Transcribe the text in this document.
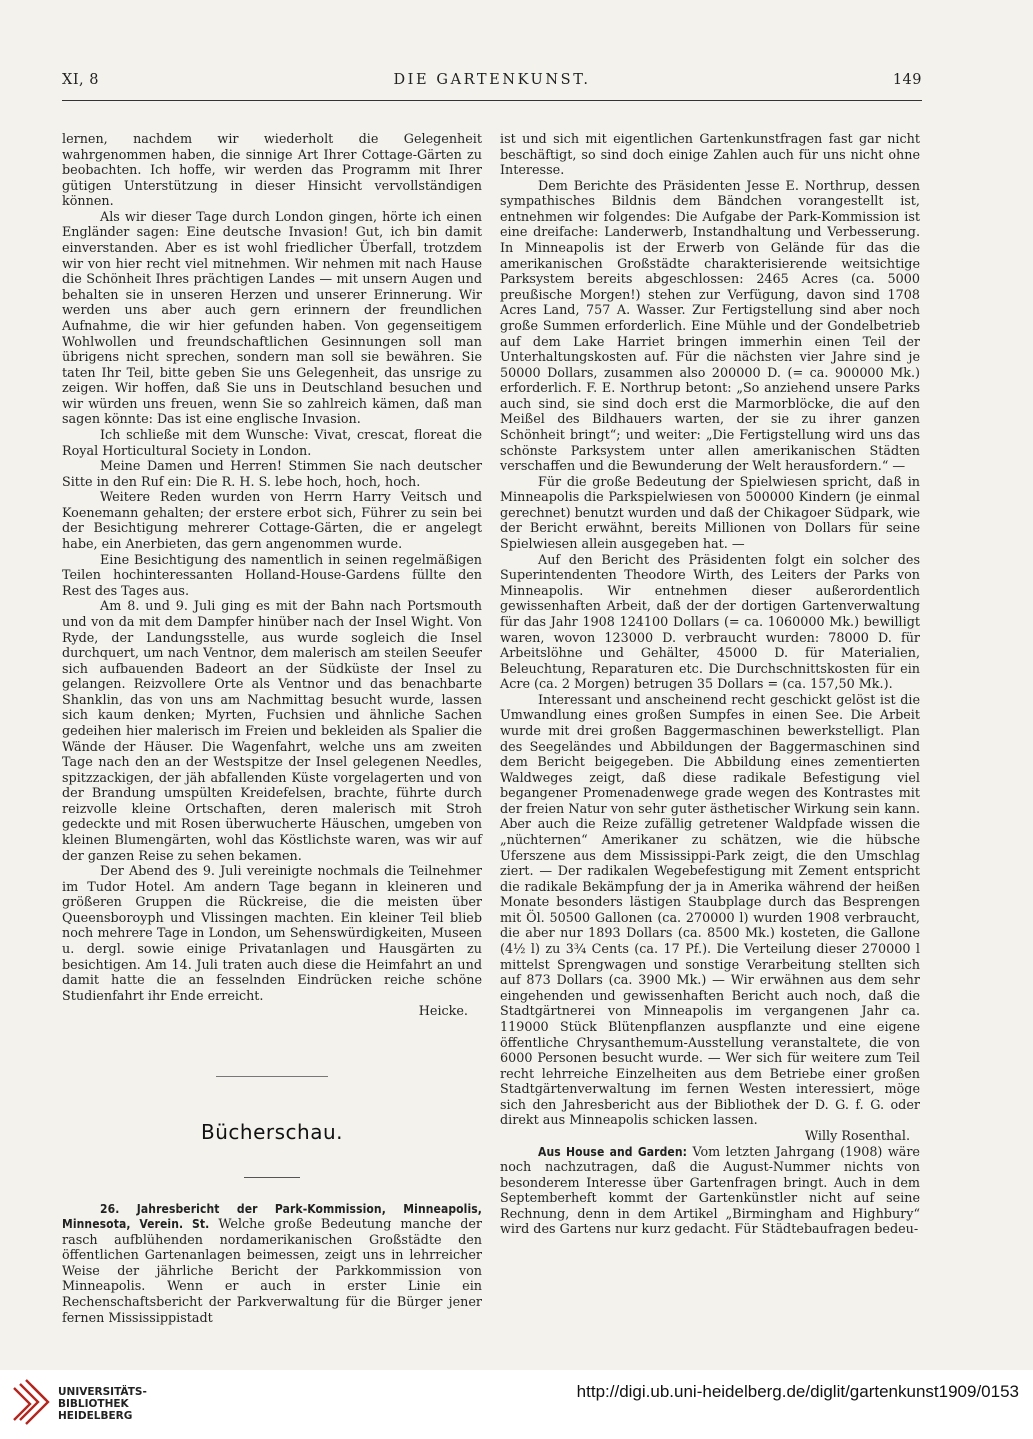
XI, 8	DIE GARTENKUNST.	149

lernen, nachdem wir wiederholt die Gelegenheit wahrgenommen haben, die sinnige Art Ihrer Cottage-Gärten zu beobachten. Ich hoffe, wir werden das Programm mit Ihrer gütigen Unterstützung in dieser Hinsicht vervollständigen können.

Als wir dieser Tage durch London gingen, hörte ich einen Engländer sagen: Eine deutsche Invasion! Gut, ich bin damit einverstanden. Aber es ist wohl friedlicher Überfall, trotzdem wir von hier recht viel mitnehmen. Wir nehmen mit nach Hause die Schönheit Ihres prächtigen Landes — mit unsern Augen und behalten sie in unseren Herzen und unserer Erinnerung. Wir werden uns aber auch gern erinnern der freundlichen Aufnahme, die wir hier gefunden haben. Von gegenseitigem Wohlwollen und freundschaftlichen Gesinnungen soll man übrigens nicht sprechen, sondern man soll sie bewähren. Sie taten Ihr Teil, bitte geben Sie uns Gelegenheit, das unsrige zu zeigen. Wir hoffen, daß Sie uns in Deutschland besuchen und wir würden uns freuen, wenn Sie so zahlreich kämen, daß man sagen könnte: Das ist eine englische Invasion.

Ich schließe mit dem Wunsche: Vivat, crescat, floreat die Royal Horticultural Society in London.

Meine Damen und Herren! Stimmen Sie nach deutscher Sitte in den Ruf ein: Die R. H. S. lebe hoch, hoch, hoch.

Weitere Reden wurden von Herrn Harry Veitsch und Koenemann gehalten; der erstere erbot sich, Führer zu sein bei der Besichtigung mehrerer Cottage-Gärten, die er angelegt habe, ein Anerbieten, das gern angenommen wurde.

Eine Besichtigung des namentlich in seinen regelmäßigen Teilen hochinteressanten Holland-House-Gardens füllte den Rest des Tages aus.

Am 8. und 9. Juli ging es mit der Bahn nach Portsmouth und von da mit dem Dampfer hinüber nach der Insel Wight. Von Ryde, der Landungsstelle, aus wurde sogleich die Insel durchquert, um nach Ventnor, dem malerisch am steilen Seeufer sich aufbauenden Badeort an der Südküste der Insel zu gelangen. Reizvollere Orte als Ventnor und das benachbarte Shanklin, das von uns am Nachmittag besucht wurde, lassen sich kaum denken; Myrten, Fuchsien und ähnliche Sachen gedeihen hier malerisch im Freien und bekleiden als Spalier die Wände der Häuser. Die Wagenfahrt, welche uns am zweiten Tage nach den an der Westspitze der Insel gelegenen Needles, spitzzackigen, der jäh abfallenden Küste vorgelagerten und von der Brandung umspülten Kreidefelsen, brachte, führte durch reizvolle kleine Ortschaften, deren malerisch mit Stroh gedeckte und mit Rosen überwucherte Häuschen, umgeben von kleinen Blumengärten, wohl das Köstlichste waren, was wir auf der ganzen Reise zu sehen bekamen.

Der Abend des 9. Juli vereinigte nochmals die Teilnehmer im Tudor Hotel. Am andern Tage begann in kleineren und größeren Gruppen die Rückreise, die die meisten über Queensboroyph und Vlissingen machten. Ein kleiner Teil blieb noch mehrere Tage in London, um Sehenswürdigkeiten, Museen u. dergl. sowie einige Privatanlagen und Hausgärten zu besichtigen. Am 14. Juli traten auch diese die Heimfahrt an und damit hatte die an fesselnden Eindrücken reiche schöne Studienfahrt ihr Ende erreicht.

Heicke.

Bücherschau.

26. Jahresbericht der Park-Kommission, Minneapolis, Minnesota, Verein. St. Welche große Bedeutung manche der rasch aufblühenden nordamerikanischen Großstädte den öffentlichen Gartenanlagen beimessen, zeigt uns in lehrreicher Weise der jährliche Bericht der Parkkommission von Minneapolis. Wenn er auch in erster Linie ein Rechenschaftsbericht der Parkverwaltung für die Bürger jener fernen Mississippistadt

ist und sich mit eigentlichen Gartenkunstfragen fast gar nicht beschäftigt, so sind doch einige Zahlen auch für uns nicht ohne Interesse.

Dem Berichte des Präsidenten Jesse E. Northrup, dessen sympathisches Bildnis dem Bändchen vorangestellt ist, entnehmen wir folgendes: Die Aufgabe der Park-Kommission ist eine dreifache: Landerwerb, Instandhaltung und Verbesserung. In Minneapolis ist der Erwerb von Gelände für das die amerikanischen Großstädte charakterisierende weitsichtige Parksystem bereits abgeschlossen: 2465 Acres (ca. 5000 preußische Morgen!) stehen zur Verfügung, davon sind 1708 Acres Land, 757 A. Wasser. Zur Fertigstellung sind aber noch große Summen erforderlich. Eine Mühle und der Gondelbetrieb auf dem Lake Harriet bringen immerhin einen Teil der Unterhaltungskosten auf. Für die nächsten vier Jahre sind je 50000 Dollars, zusammen also 200000 D. (= ca. 900000 Mk.) erforderlich. F. E. Northrup betont: „So anziehend unsere Parks auch sind, sie sind doch erst die Marmorblöcke, die auf den Meißel des Bildhauers warten, der sie zu ihrer ganzen Schönheit bringt“; und weiter: „Die Fertigstellung wird uns das schönste Parksystem unter allen amerikanischen Städten verschaffen und die Bewunderung der Welt herausfordern.“ —

Für die große Bedeutung der Spielwiesen spricht, daß in Minneapolis die Parkspielwiesen von 500000 Kindern (je einmal gerechnet) benutzt wurden und daß der Chikagoer Südpark, wie der Bericht erwähnt, bereits Millionen von Dollars für seine Spielwiesen allein ausgegeben hat. —

Auf den Bericht des Präsidenten folgt ein solcher des Superintendenten Theodore Wirth, des Leiters der Parks von Minneapolis. Wir entnehmen dieser außerordentlich gewissenhaften Arbeit, daß der der dortigen Gartenverwaltung für das Jahr 1908 124100 Dollars (= ca. 1060000 Mk.) bewilligt waren, wovon 123000 D. verbraucht wurden: 78000 D. für Arbeitslöhne und Gehälter, 45000 D. für Materialien, Beleuchtung, Reparaturen etc. Die Durchschnittskosten für ein Acre (ca. 2 Morgen) betrugen 35 Dollars = (ca. 157,50 Mk.).

Interessant und anscheinend recht geschickt gelöst ist die Umwandlung eines großen Sumpfes in einen See. Die Arbeit wurde mit drei großen Baggermaschinen bewerkstelligt. Plan des Seegeländes und Abbildungen der Baggermaschinen sind dem Bericht beigegeben. Die Abbildung eines zementierten Waldweges zeigt, daß diese radikale Befestigung viel begangener Promenadenwege grade wegen des Kontrastes mit der freien Natur von sehr guter ästhetischer Wirkung sein kann. Aber auch die Reize zufällig getretener Waldpfade wissen die „nüchternen“ Amerikaner zu schätzen, wie die hübsche Uferszene aus dem Mississippi-Park zeigt, die den Umschlag ziert. — Der radikalen Wegebefestigung mit Zement entspricht die radikale Bekämpfung der ja in Amerika während der heißen Monate besonders lästigen Staubplage durch das Besprengen mit Öl. 50500 Gallonen (ca. 270000 l) wurden 1908 verbraucht, die aber nur 1893 Dollars (ca. 8500 Mk.) kosteten, die Gallone (4½ l) zu 3¾ Cents (ca. 17 Pf.). Die Verteilung dieser 270000 l mittelst Sprengwagen und sonstige Verarbeitung stellten sich auf 873 Dollars (ca. 3900 Mk.) — Wir erwähnen aus dem sehr eingehenden und gewissenhaften Bericht auch noch, daß die Stadtgärtnerei von Minneapolis im vergangenen Jahr ca. 119000 Stück Blütenpflanzen auspflanzte und eine eigene öffentliche Chrysanthemum-Ausstellung veranstaltete, die von 6000 Personen besucht wurde. — Wer sich für weitere zum Teil recht lehrreiche Einzelheiten aus dem Betriebe einer großen Stadtgärtenverwaltung im fernen Westen interessiert, möge sich den Jahresbericht aus der Bibliothek der D. G. f. G. oder direkt aus Minneapolis schicken lassen.

Willy Rosenthal.

Aus House and Garden: Vom letzten Jahrgang (1908) wäre noch nachzutragen, daß die August-Nummer nichts von besonderem Interesse über Gartenfragen bringt. Auch in dem Septemberheft kommt der Gartenkünstler nicht auf seine Rechnung, denn in dem Artikel „Birmingham and Highbury“ wird des Gartens nur kurz gedacht. Für Städtebaufragen bedeu-

UNIVERSITÄTS-
BIBLIOTHEK
HEIDELBERG
http://digi.ub.uni-heidelberg.de/diglit/gartenkunst1909/0153
